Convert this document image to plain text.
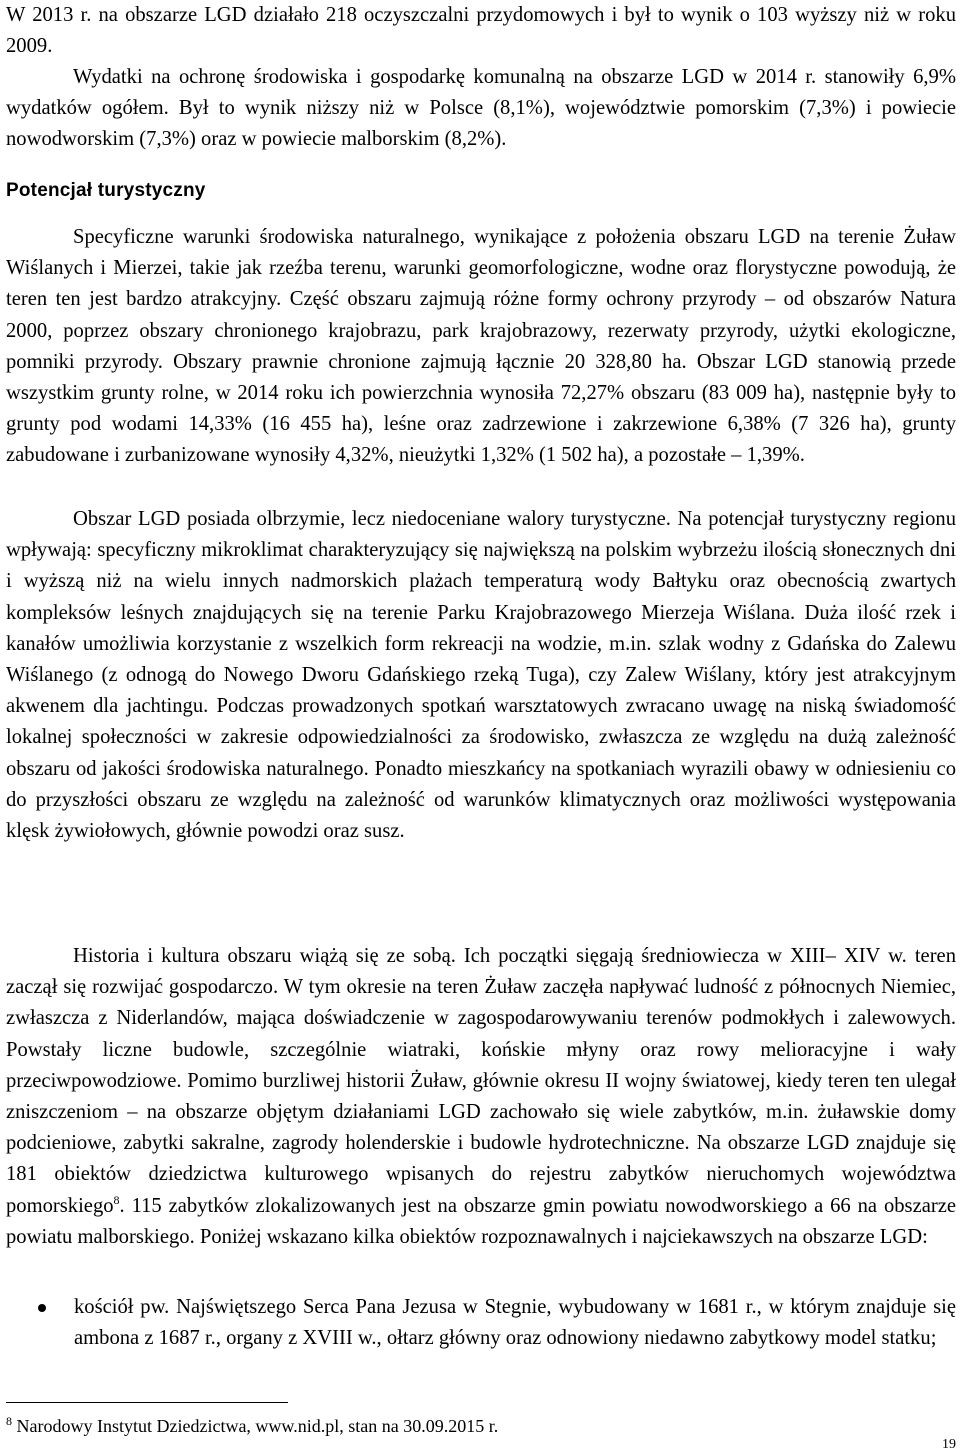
W 2013 r. na obszarze LGD działało 218 oczyszczalni przydomowych i był to wynik o 103 wyższy niż w roku 2009.

Wydatki na ochronę środowiska i gospodarkę komunalną na obszarze LGD w 2014 r. stanowiły 6,9% wydatków ogółem. Był to wynik niższy niż w Polsce (8,1%), województwie pomorskim (7,3%) i powiecie nowodworskim (7,3%) oraz w powiecie malborskim (8,2%).

Potencjał turystyczny

Specyficzne warunki środowiska naturalnego, wynikające z położenia obszaru LGD na terenie Żuław Wiślanych i Mierzei, takie jak rzeźba terenu, warunki geomorfologiczne, wodne oraz florystyczne powodują, że teren ten jest bardzo atrakcyjny. Część obszaru zajmują różne formy ochrony przyrody – od obszarów Natura 2000, poprzez obszary chronionego krajobrazu, park krajobrazowy, rezerwaty przyrody, użytki ekologiczne, pomniki przyrody. Obszary prawnie chronione zajmują łącznie 20 328,80 ha. Obszar LGD stanowią przede wszystkim grunty rolne, w 2014 roku ich powierzchnia wynosiła 72,27% obszaru (83 009 ha), następnie były to grunty pod wodami 14,33% (16 455 ha), leśne oraz zadrzewione i zakrzewione 6,38% (7 326 ha), grunty zabudowane i zurbanizowane wynosiły 4,32%, nieużytki 1,32% (1 502 ha), a pozostałe – 1,39%.

Obszar LGD posiada olbrzymie, lecz niedoceniane walory turystyczne. Na potencjał turystyczny regionu wpływają: specyficzny mikroklimat charakteryzujący się największą na polskim wybrzeżu ilością słonecznych dni i wyższą niż na wielu innych nadmorskich plażach temperaturą wody Bałtyku oraz obecnością zwartych kompleksów leśnych znajdujących się na terenie Parku Krajobrazowego Mierzeja Wiślana. Duża ilość rzek i kanałów umożliwia korzystanie z wszelkich form rekreacji na wodzie, m.in. szlak wodny z Gdańska do Zalewu Wiślanego (z odnogą do Nowego Dworu Gdańskiego rzeką Tuga), czy Zalew Wiślany, który jest atrakcyjnym akwenem dla jachtingu. Podczas prowadzonych spotkań warsztatowych zwracano uwagę na niską świadomość lokalnej społeczności w zakresie odpowiedzialności za środowisko, zwłaszcza ze względu na dużą zależność obszaru od jakości środowiska naturalnego. Ponadto mieszkańcy na spotkaniach wyrazili obawy w odniesieniu co do przyszłości obszaru ze względu na zależność od warunków klimatycznych oraz możliwości występowania klęsk żywiołowych, głównie powodzi oraz susz.

Historia i kultura obszaru wiążą się ze sobą. Ich początki sięgają średniowiecza w XIII– XIV w. teren zaczął się rozwijać gospodarczo. W tym okresie na teren Żuław zaczęła napływać ludność z północnych Niemiec, zwłaszcza z Niderlandów, mająca doświadczenie w zagospodarowywaniu terenów podmokłych i zalewowych. Powstały liczne budowle, szczególnie wiatraki, końskie młyny oraz rowy melioracyjne i wały przeciwpowodziowe. Pomimo burzliwej historii Żuław, głównie okresu II wojny światowej, kiedy teren ten ulegał zniszczeniom – na obszarze objętym działaniami LGD zachowało się wiele zabytków, m.in. żuławskie domy podcieniowe, zabytki sakralne, zagrody holenderskie i budowle hydrotechniczne. Na obszarze LGD znajduje się 181 obiektów dziedzictwa kulturowego wpisanych do rejestru zabytków nieruchomych województwa pomorskiego$^8$. 115 zabytków zlokalizowanych jest na obszarze gmin powiatu nowodworskiego a 66 na obszarze powiatu malborskiego. Poniżej wskazano kilka obiektów rozpoznawalnych i najciekawszych na obszarze LGD:

kościół pw. Najświętszego Serca Pana Jezusa w Stegnie, wybudowany w 1681 r., w którym znajduje się ambona z 1687 r., organy z XVIII w., ołtarz główny oraz odnowiony niedawno zabytkowy model statku;

$^8$ Narodowy Instytut Dziedzictwa, www.nid.pl, stan na 30.09.2015 r.

19
